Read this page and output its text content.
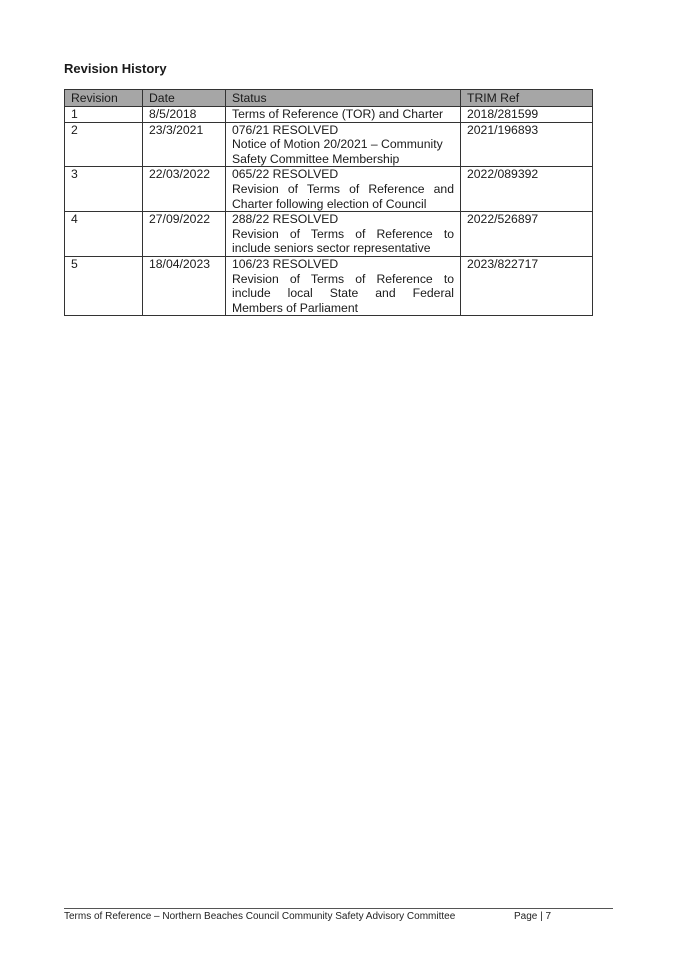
Revision History
Revision	Date	Status	TRIM Ref
1	8/5/2018	Terms of Reference (TOR) and Charter	2018/281599
2	23/3/2021	076/21 RESOLVED
Notice of Motion 20/2021 – Community
Safety Committee Membership	2021/196893
3	22/03/2022	065/22 RESOLVED
Revision of Terms of Reference and
Charter following election of Council	2022/089392
4	27/09/2022	288/22 RESOLVED
Revision of Terms of Reference to
include seniors sector representative	2022/526897
5	18/04/2023	106/23 RESOLVED
Revision of Terms of Reference to
include local State and Federal
Members of Parliament	2023/822717
Terms of Reference – Northern Beaches Council Community Safety Advisory Committee	Page | 7
